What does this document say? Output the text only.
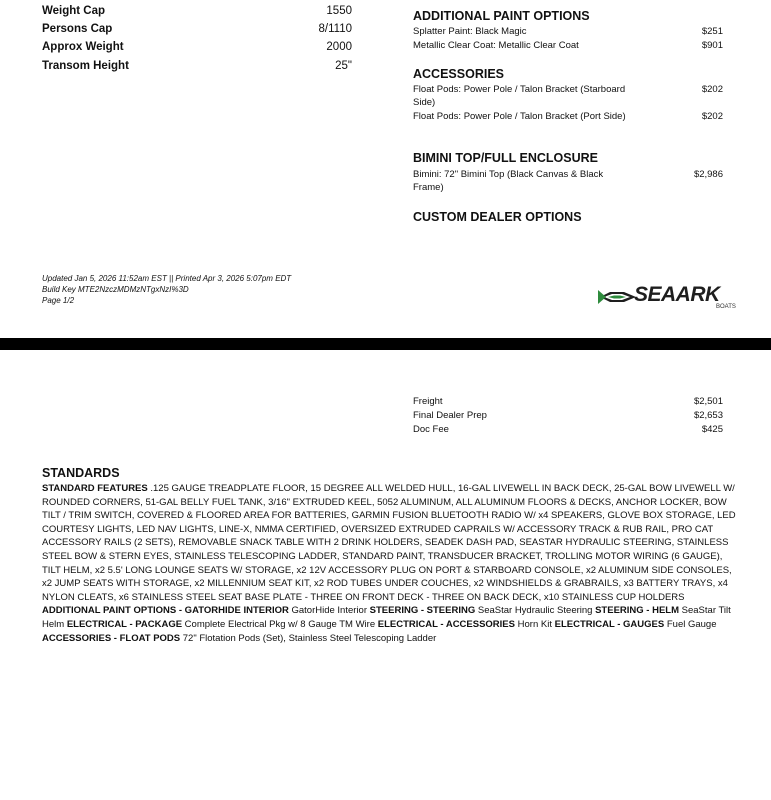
Weight Cap	1550
Persons Cap	8/1110
Approx Weight	2000
Transom Height	25"
ADDITIONAL PAINT OPTIONS
Splatter Paint: Black Magic	$251
Metallic Clear Coat: Metallic Clear Coat	$901
ACCESSORIES
Float Pods: Power Pole / Talon Bracket (Starboard Side)
$202
Float Pods: Power Pole / Talon Bracket (Port Side)	$202
BIMINI TOP/FULL ENCLOSURE
Bimini: 72" Bimini Top (Black Canvas & Black Frame)
$2,986
CUSTOM DEALER OPTIONS
Updated Jan 5, 2026 11:52am EST || Printed Apr 3, 2026 5:07pm EDT
Build Key MTE2NzczMDMzNTgxNzI%3D
Page 1/2	SEAARK
BOATS
Freight	$2,501
Final Dealer Prep	$2,653
Doc Fee	$425
STANDARDS
STANDARD FEATURES .125 GAUGE TREADPLATE FLOOR, 15 DEGREE ALL WELDED HULL, 16-GAL LIVEWELL IN BACK DECK, 25-GAL BOW LIVEWELL W/ ROUNDED CORNERS, 51-GAL BELLY FUEL TANK, 3/16" EXTRUDED KEEL, 5052 ALUMINUM, ALL ALUMINUM FLOORS & DECKS, ANCHOR LOCKER, BOW TILT / TRIM SWITCH, COVERED & FLOORED AREA FOR BATTERIES, GARMIN FUSION BLUETOOTH RADIO W/ x4 SPEAKERS, GLOVE BOX STORAGE, LED COURTESY LIGHTS, LED NAV LIGHTS, LINE-X, NMMA CERTIFIED, OVERSIZED EXTRUDED CAPRAILS W/ ACCESSORY TRACK & RUB RAIL, PRO CAT ACCESSORY RAILS (2 SETS), REMOVABLE SNACK TABLE WITH 2 DRINK HOLDERS, SEADEK DASH PAD, SEASTAR HYDRAULIC STEERING, STAINLESS STEEL BOW & STERN EYES, STAINLESS TELESCOPING LADDER, STANDARD PAINT, TRANSDUCER BRACKET, TROLLING MOTOR WIRING (6 GAUGE), TILT HELM, x2 5.5' LONG LOUNGE SEATS W/ STORAGE, x2 12V ACCESSORY PLUG ON PORT & STARBOARD CONSOLE, x2 ALUMINUM SIDE CONSOLES, x2 JUMP SEATS WITH STORAGE, x2 MILLENNIUM SEAT KIT, x2 ROD TUBES UNDER COUCHES, x2 WINDSHIELDS & GRABRAILS, x3 BATTERY TRAYS, x4 NYLON CLEATS, x6 STAINLESS STEEL SEAT BASE PLATE - THREE ON FRONT DECK - THREE ON BACK DECK, x10 STAINLESS CUP HOLDERS ADDITIONAL PAINT OPTIONS - GATORHIDE INTERIOR GatorHide Interior STEERING - STEERING SeaStar Hydraulic Steering STEERING - HELM SeaStar Tilt Helm ELECTRICAL - PACKAGE Complete Electrical Pkg w/ 8 Gauge TM Wire ELECTRICAL - ACCESSORIES Horn Kit ELECTRICAL - GAUGES Fuel Gauge ACCESSORIES - FLOAT PODS 72" Flotation Pods (Set), Stainless Steel Telescoping Ladder
